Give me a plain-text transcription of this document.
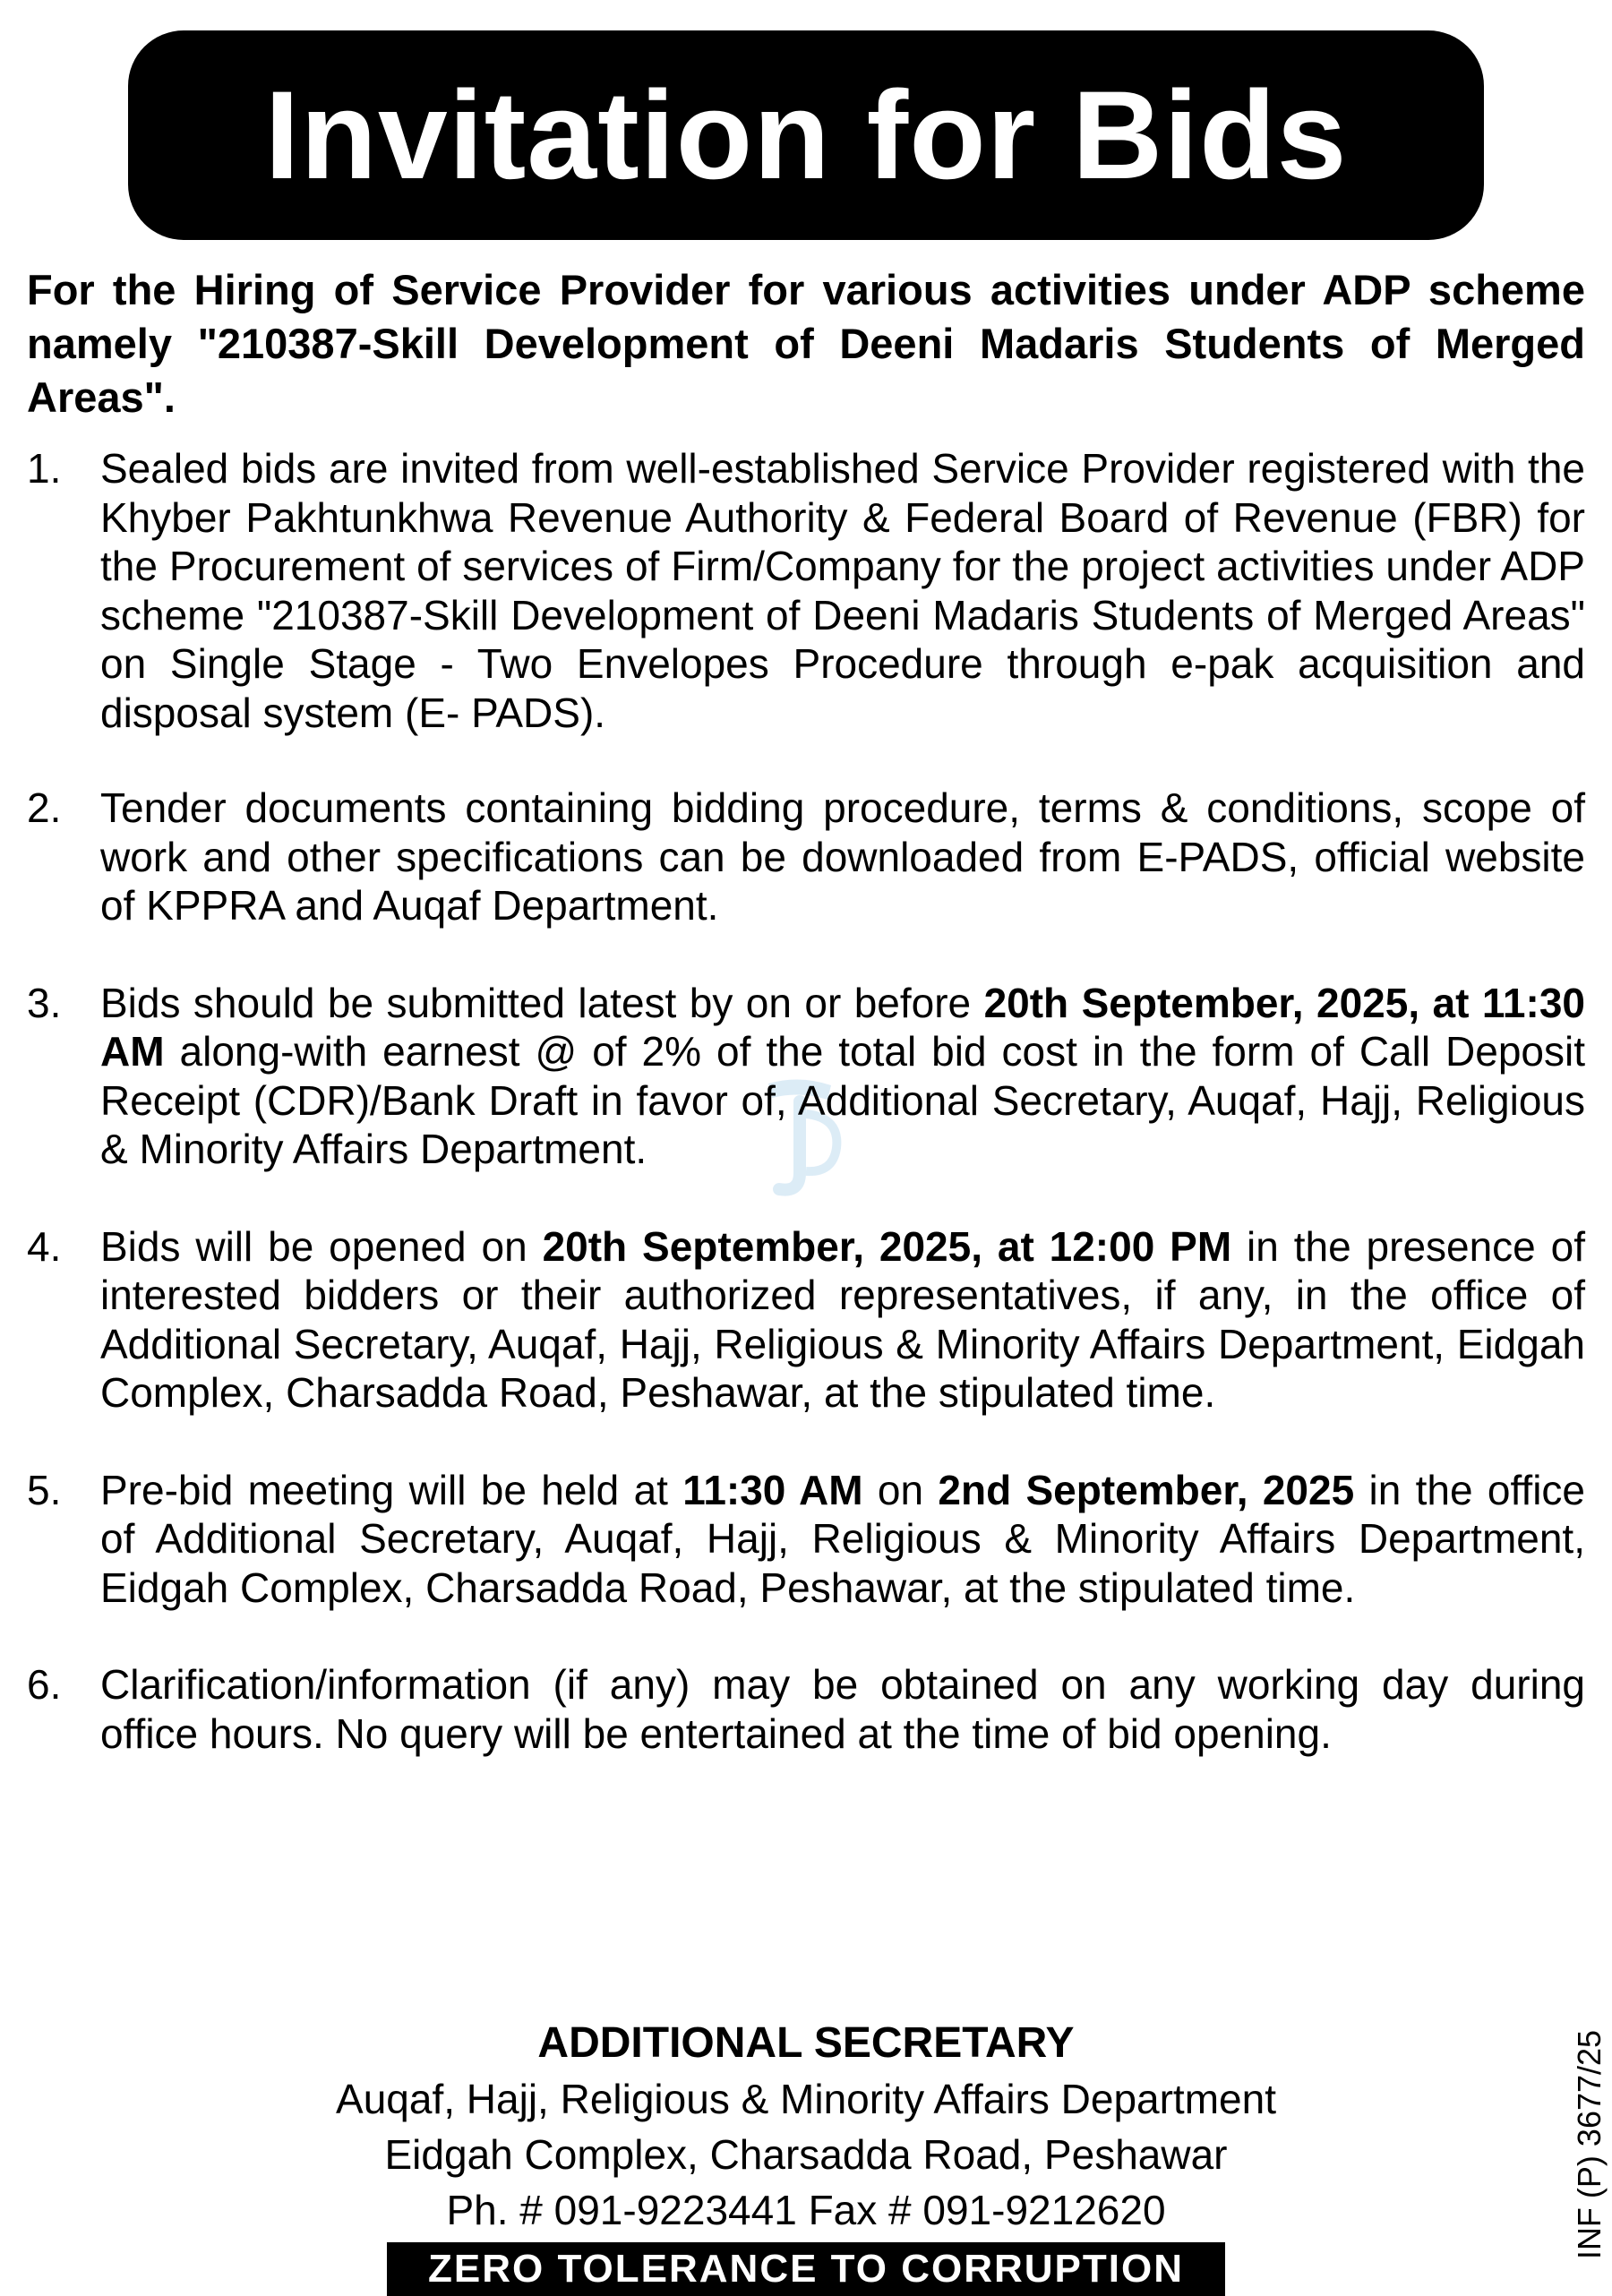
Invitation for Bids
For the Hiring of Service Provider for various activities under ADP scheme namely "210387-Skill Development of Deeni Madaris Students of Merged Areas".
1. Sealed bids are invited from well-established Service Provider registered with the Khyber Pakhtunkhwa Revenue Authority & Federal Board of Revenue (FBR) for the Procurement of services of Firm/Company for the project activities under ADP scheme "210387-Skill Development of Deeni Madaris Students of Merged Areas" on Single Stage - Two Envelopes Procedure through e-pak acquisition and disposal system (E- PADS).
2. Tender documents containing bidding procedure, terms & conditions, scope of work and other specifications can be downloaded from E-PADS, official website of KPPRA and Auqaf Department.
3. Bids should be submitted latest by on or before 20th September, 2025, at 11:30 AM along-with earnest @ of 2% of the total bid cost in the form of Call Deposit Receipt (CDR)/Bank Draft in favor of, Additional Secretary, Auqaf, Hajj, Religious & Minority Affairs Department.
4. Bids will be opened on 20th September, 2025, at 12:00 PM in the presence of interested bidders or their authorized representatives, if any, in the office of Additional Secretary, Auqaf, Hajj, Religious & Minority Affairs Department, Eidgah Complex, Charsadda Road, Peshawar, at the stipulated time.
5. Pre-bid meeting will be held at 11:30 AM on 2nd September, 2025 in the office of Additional Secretary, Auqaf, Hajj, Religious & Minority Affairs Department, Eidgah Complex, Charsadda Road, Peshawar, at the stipulated time.
6. Clarification/information (if any) may be obtained on any working day during office hours. No query will be entertained at the time of bid opening.
ADDITIONAL SECRETARY
Auqaf, Hajj, Religious & Minority Affairs Department
Eidgah Complex, Charsadda Road, Peshawar
Ph. # 091-9223441 Fax # 091-9212620
ZERO TOLERANCE TO CORRUPTION
INF (P) 3677/25
